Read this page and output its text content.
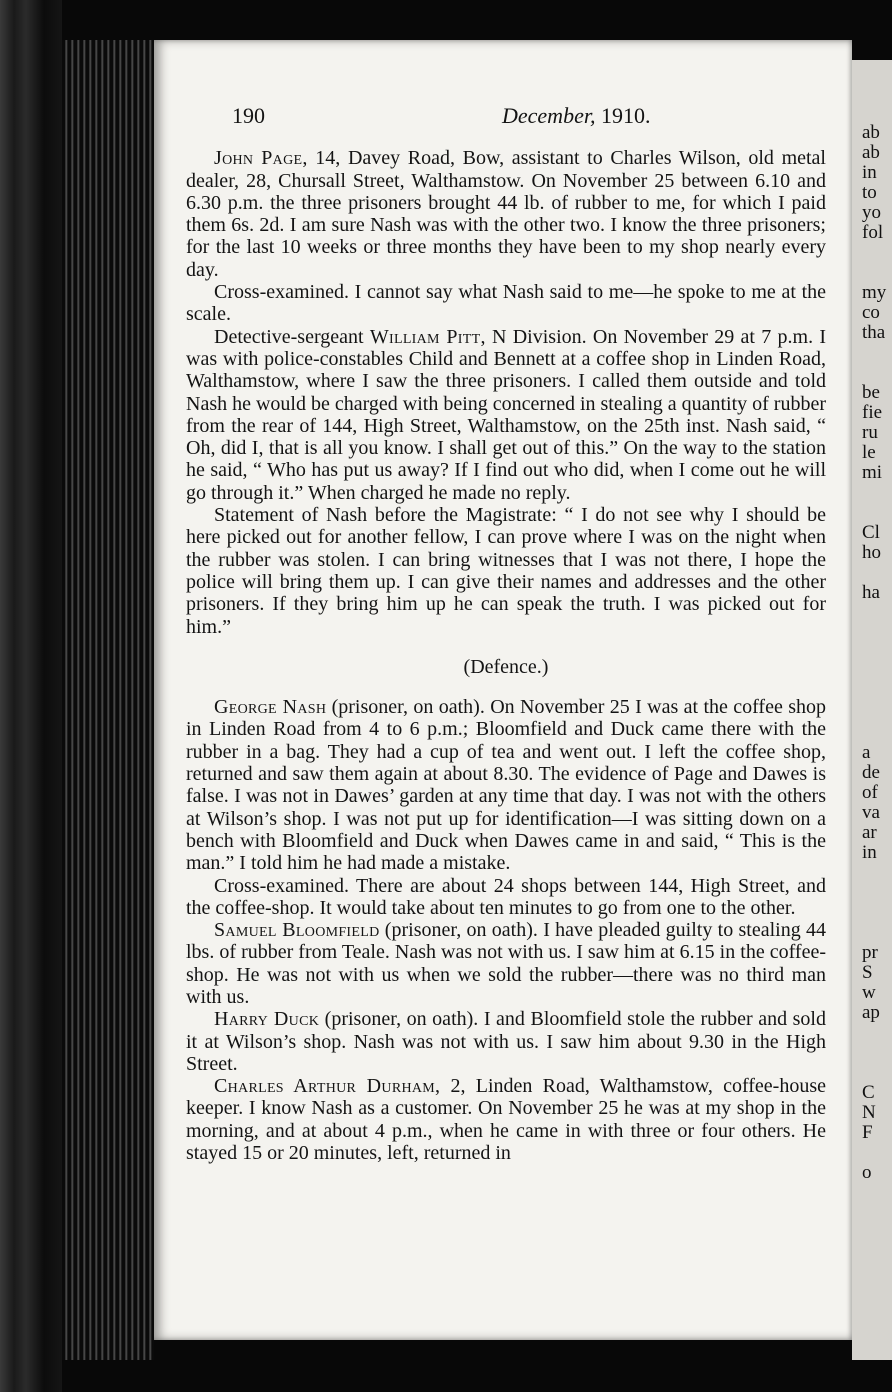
ab
ab
in
to
yo
fol
my
co
tha
be
fie
ru
le
mi
Cl
ho
ha
a
de
of
va
ar
in
pr
S
w
ap
C
N
F
o
190	December, 1910.

John Page, 14, Davey Road, Bow, assistant to Charles Wilson, old metal dealer, 28, Chursall Street, Walthamstow. On November 25 between 6.10 and 6.30 p.m. the three prisoners brought 44 lb. of rubber to me, for which I paid them 6s. 2d. I am sure Nash was with the other two. I know the three prisoners; for the last 10 weeks or three months they have been to my shop nearly every day.

Cross-examined. I cannot say what Nash said to me—he spoke to me at the scale.

Detective-sergeant William Pitt, N Division. On November 29 at 7 p.m. I was with police-constables Child and Bennett at a coffee shop in Linden Road, Walthamstow, where I saw the three prisoners. I called them outside and told Nash he would be charged with being concerned in stealing a quantity of rubber from the rear of 144, High Street, Walthamstow, on the 25th inst. Nash said, “ Oh, did I, that is all you know. I shall get out of this.” On the way to the station he said, “ Who has put us away? If I find out who did, when I come out he will go through it.” When charged he made no reply.

Statement of Nash before the Magistrate: “ I do not see why I should be here picked out for another fellow, I can prove where I was on the night when the rubber was stolen. I can bring witnesses that I was not there, I hope the police will bring them up. I can give their names and addresses and the other prisoners. If they bring him up he can speak the truth. I was picked out for him.”

(Defence.)

George Nash (prisoner, on oath). On November 25 I was at the coffee shop in Linden Road from 4 to 6 p.m.; Bloomfield and Duck came there with the rubber in a bag. They had a cup of tea and went out. I left the coffee shop, returned and saw them again at about 8.30. The evidence of Page and Dawes is false. I was not in Dawes’ garden at any time that day. I was not with the others at Wilson’s shop. I was not put up for identification—I was sitting down on a bench with Bloomfield and Duck when Dawes came in and said, “ This is the man.” I told him he had made a mistake.

Cross-examined. There are about 24 shops between 144, High Street, and the coffee-shop. It would take about ten minutes to go from one to the other.

Samuel Bloomfield (prisoner, on oath). I have pleaded guilty to stealing 44 lbs. of rubber from Teale. Nash was not with us. I saw him at 6.15 in the coffee-shop. He was not with us when we sold the rubber—there was no third man with us.

Harry Duck (prisoner, on oath). I and Bloomfield stole the rubber and sold it at Wilson’s shop. Nash was not with us. I saw him about 9.30 in the High Street.

Charles Arthur Durham, 2, Linden Road, Walthamstow, coffee-house keeper. I know Nash as a customer. On November 25 he was at my shop in the morning, and at about 4 p.m., when he came in with three or four others. He stayed 15 or 20 minutes, left, returned in
